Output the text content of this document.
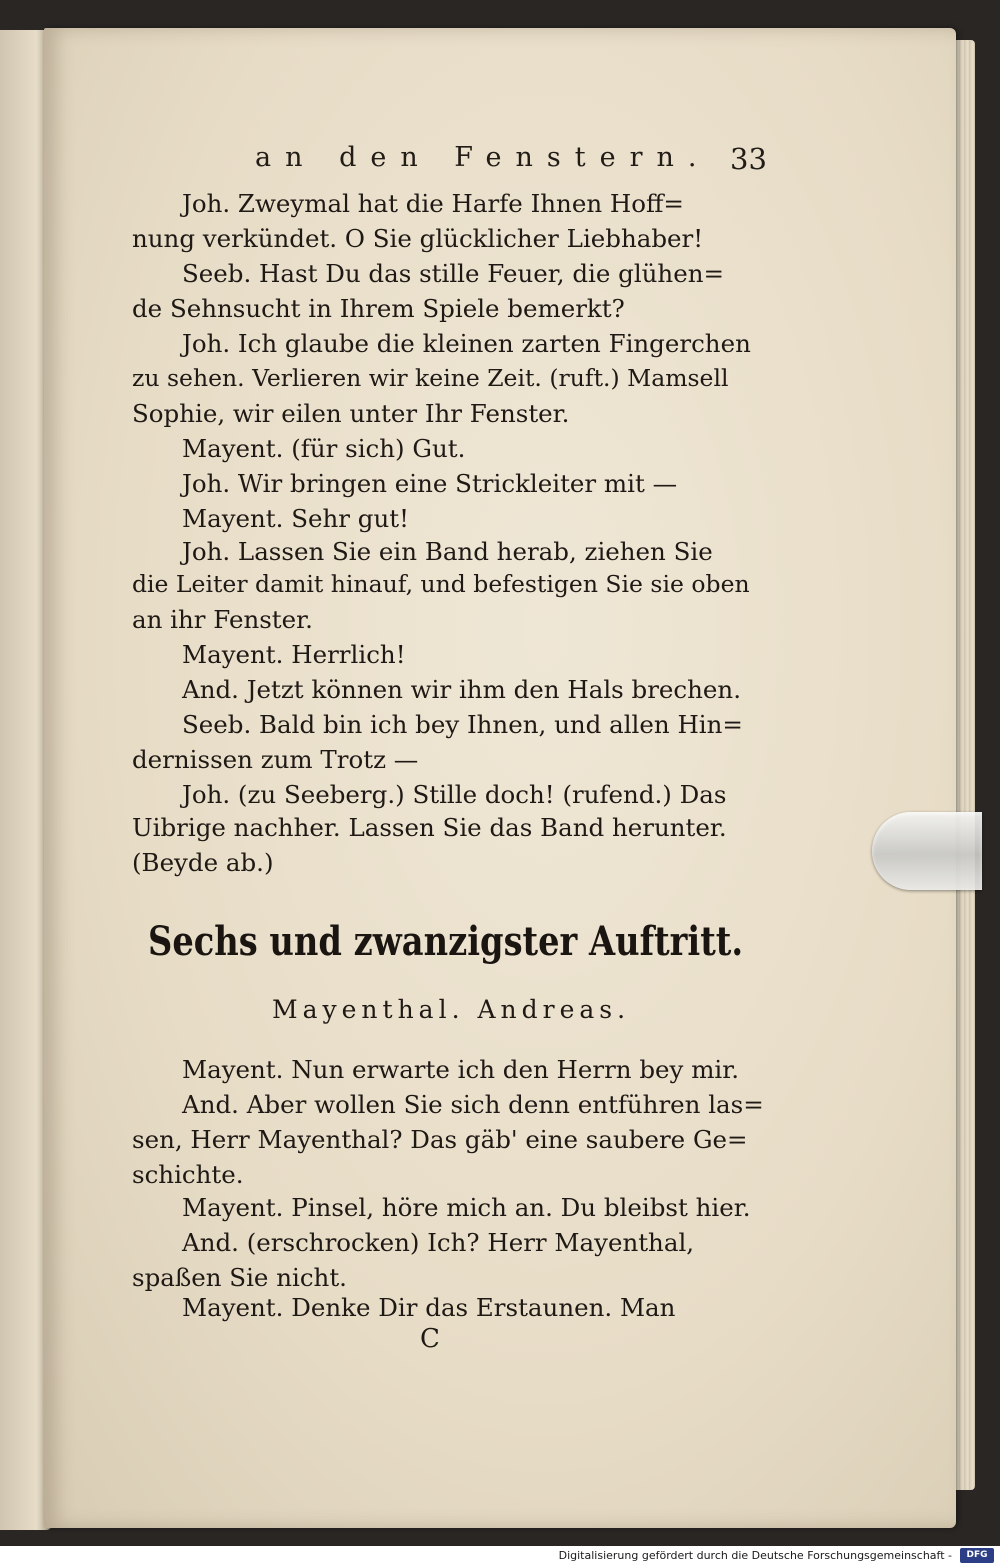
an den Fenstern. 33
Joh. Zweymal hat die Harfe Ihnen Hoff=
nung verkündet. O Sie glücklicher Liebhaber!
Seeb. Hast Du das stille Feuer, die glühen=
de Sehnsucht in Ihrem Spiele bemerkt?
Joh. Ich glaube die kleinen zarten Fingerchen
zu sehen. Verlieren wir keine Zeit. (ruft.) Mamsell
Sophie, wir eilen unter Ihr Fenster.
Mayent. (für sich) Gut.
Joh. Wir bringen eine Strickleiter mit —
Mayent. Sehr gut!
Joh. Lassen Sie ein Band herab, ziehen Sie
die Leiter damit hinauf, und befestigen Sie sie oben
an ihr Fenster.
Mayent. Herrlich!
And. Jetzt können wir ihm den Hals brechen.
Seeb. Bald bin ich bey Ihnen, und allen Hin=
dernissen zum Trotz —
Joh. (zu Seeberg.) Stille doch! (rufend.) Das
Uibrige nachher. Lassen Sie das Band herunter.
(Beyde ab.)
Sechs und zwanzigster Auftritt.
Mayenthal. Andreas.
Mayent. Nun erwarte ich den Herrn bey mir.
And. Aber wollen Sie sich denn entführen las=
sen, Herr Mayenthal? Das gäb' eine saubere Ge=
schichte.
Mayent. Pinsel, höre mich an. Du bleibst hier.
And. (erschrocken) Ich? Herr Mayenthal,
spaßen Sie nicht.
Mayent. Denke Dir das Erstaunen. Man
C
Digitalisierung gefördert durch die Deutsche Forschungsgemeinschaft -	DFG
